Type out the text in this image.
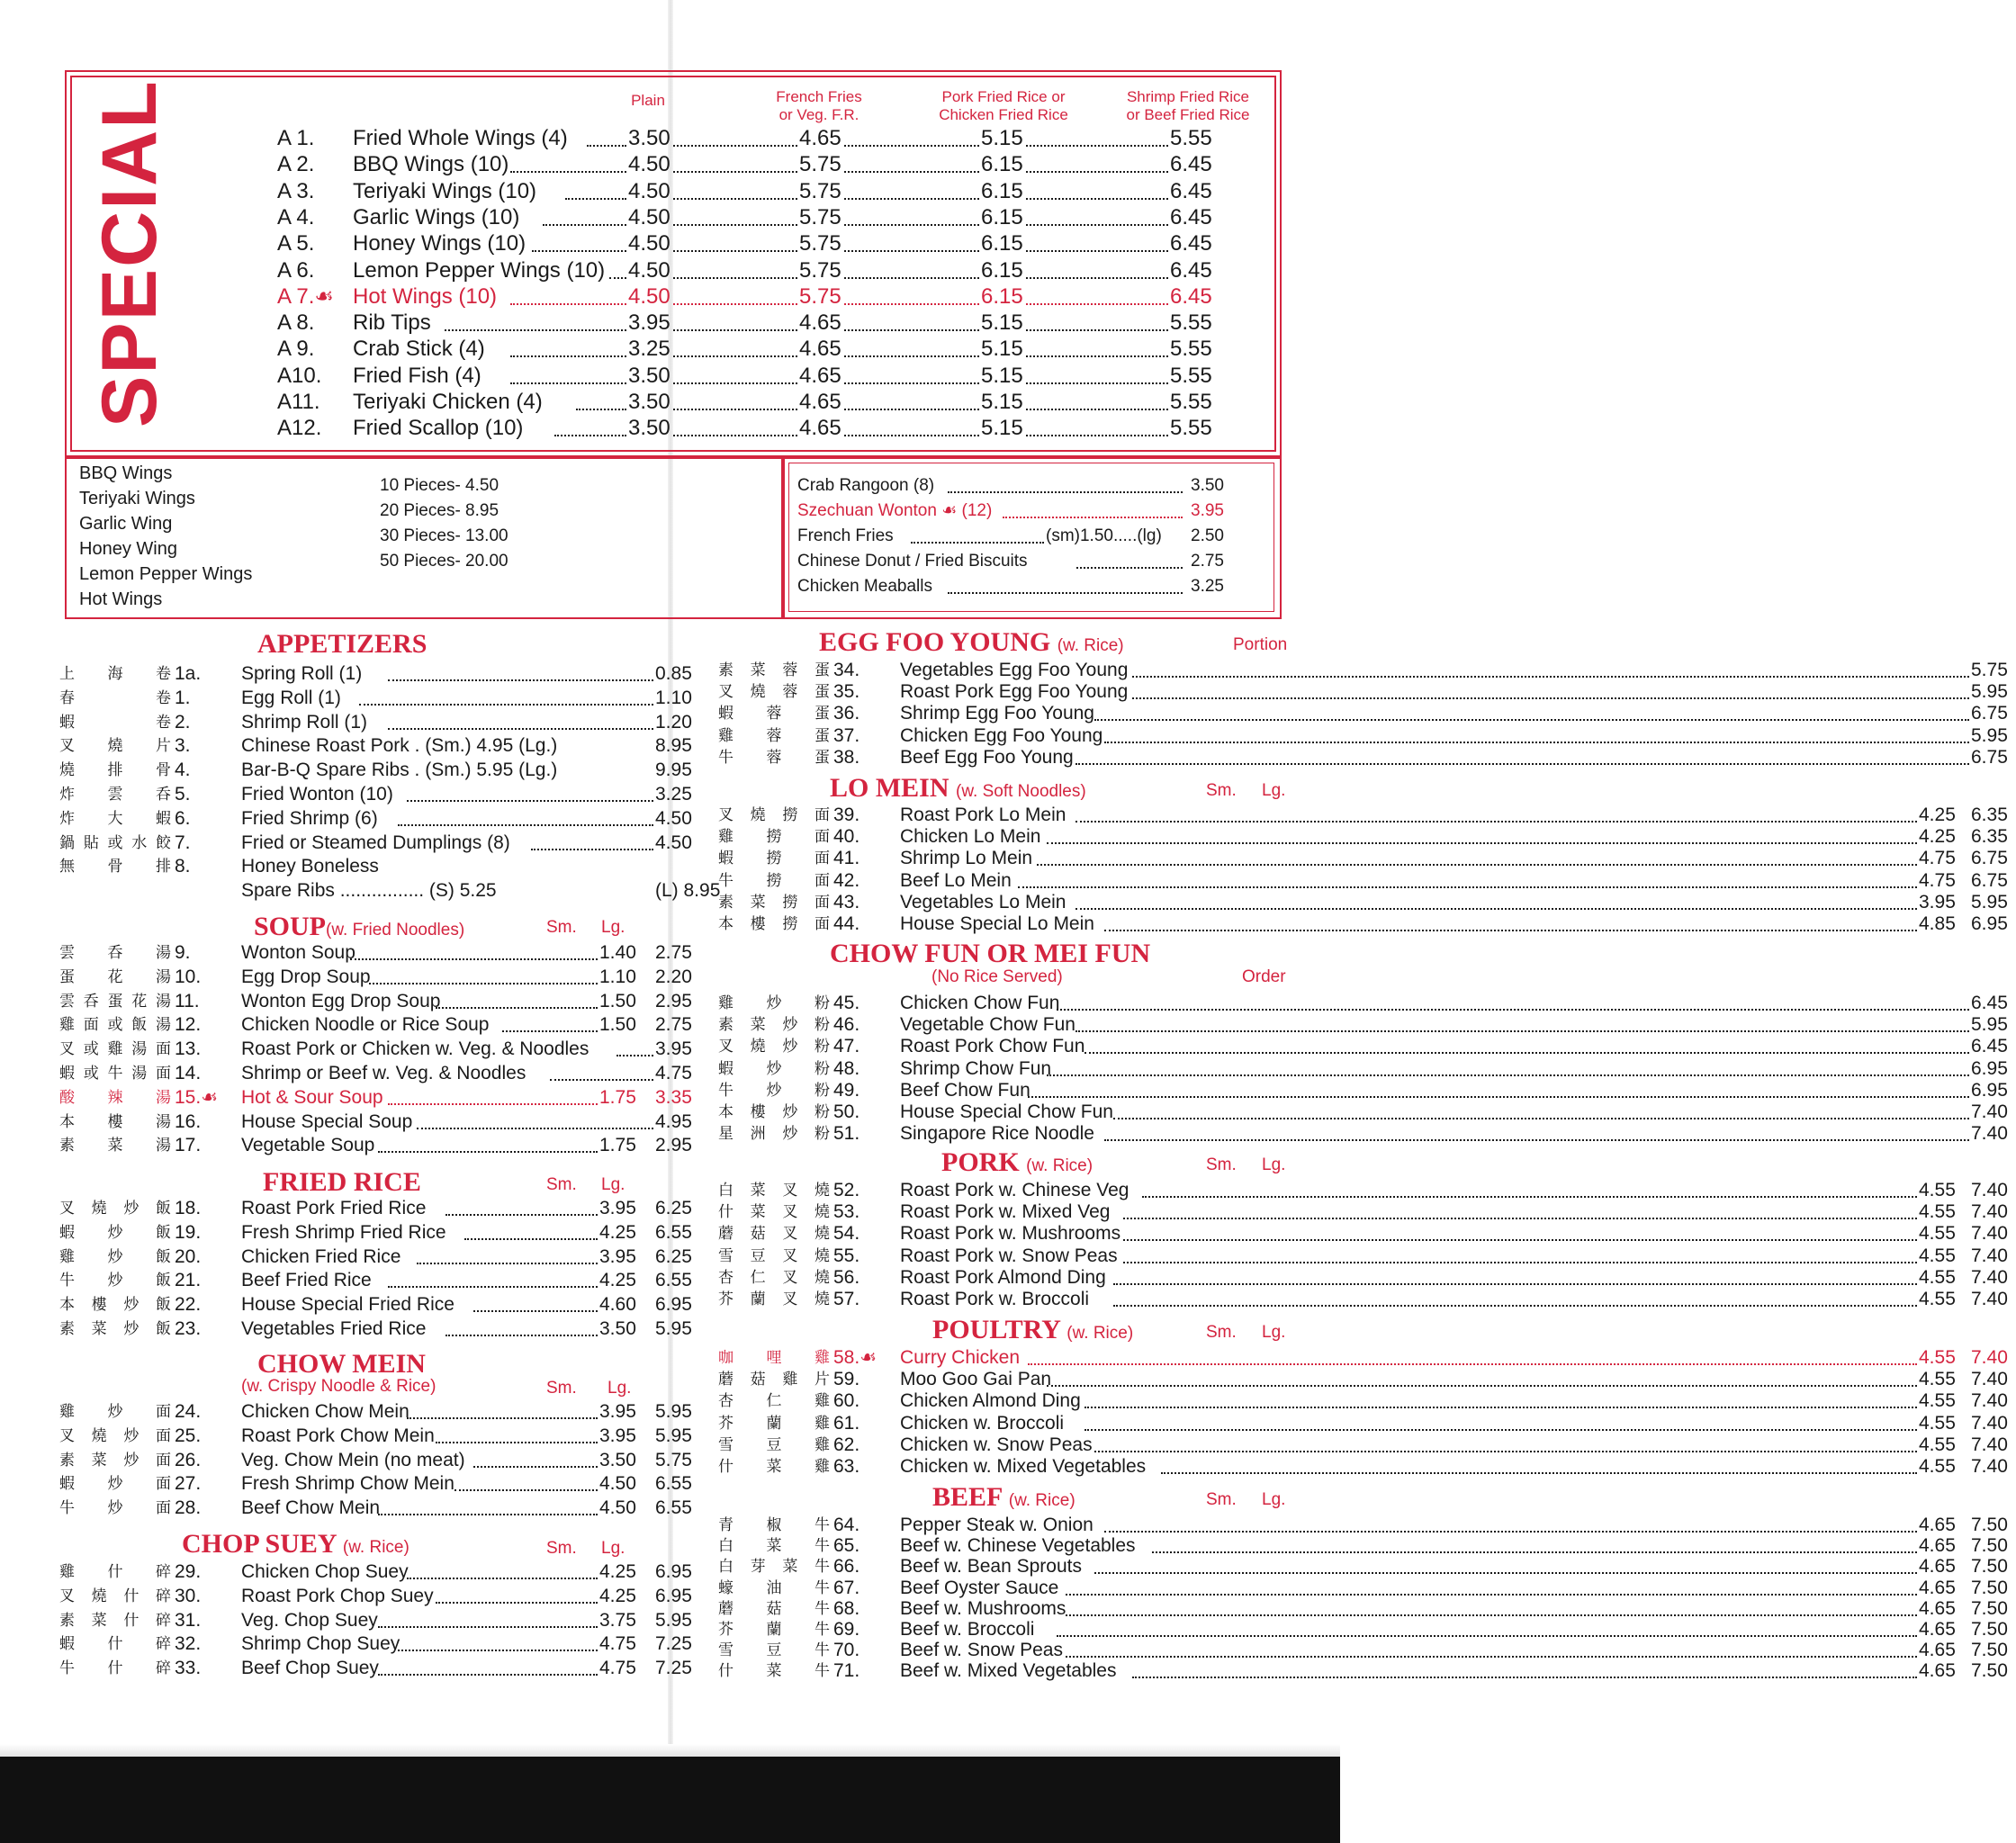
SPECIAL	Plain	French Fries
or Veg. F.R.
Pork Fried Rice or
Chicken Fried Rice
Shrimp Fried Rice
or Beef Fried Rice
A 1.	Fried Whole Wings (4)	3.50	4.65	5.15	5.55
A 2.	BBQ Wings (10)	4.50	5.75	6.15	6.45
A 3.	Teriyaki Wings (10)	4.50	5.75	6.15	6.45
A 4.	Garlic Wings (10)	4.50	5.75	6.15	6.45
A 5.	Honey Wings (10)	4.50	5.75	6.15	6.45
A 6.	Lemon Pepper Wings (10) 4.50	5.75	6.15	6.45
A 7.☙ Hot Wings (10)	4.50	5.75	6.15	6.45
A 8.	Rib Tips	3.95	4.65	5.15	5.55
A 9.	Crab Stick (4)	3.25	4.65	5.15	5.55
A10.	Fried Fish (4)	3.50	4.65	5.15	5.55
A11.	Teriyaki Chicken (4)	3.50	4.65	5.15	5.55
A12.	Fried Scallop (10)	3.50	4.65	5.15	5.55
BBQ Wings
Teriyaki Wings
Garlic Wing
Honey Wing
Lemon Pepper Wings
Hot Wings
10 Pieces- 4.50
20 Pieces- 8.95
30 Pieces- 13.00
50 Pieces- 20.00
Crab Rangoon (8)	3.50
Szechuan Wonton ☙ (12)	3.95
French Fries	(sm)1.50.....(lg) 2.50
Chinese Donut / Fried Biscuits	2.75
Chicken Meaballs	3.25
APPETIZERS
SOUP(w. Fried Noodles)	Sm. Lg.
FRIED RICE	Sm. Lg.
CHOW MEIN
(w. Crispy Noodle & Rice)	Sm. Lg.
CHOP SUEY (w. Rice)	Sm. Lg.
EGG FOO YOUNG (w. Rice)	Portion
LO MEIN (w. Soft Noodles)	Sm. Lg.
CHOW FUN OR MEI FUN
(No Rice Served)	Order
PORK (w. Rice)	Sm. Lg.
POULTRY (w. Rice)	Sm. Lg.
BEEF (w. Rice)	Sm. Lg.
上 海 卷 1a.	Spring Roll (1)	0.85
春	卷 1.	Egg Roll (1)	1.10
蝦	卷 2.	Shrimp Roll (1)	1.20
叉 燒 片 3.	Chinese Roast Pork . (Sm.) 4.95 (Lg.)	8.95
燒 排 骨 4.	Bar-B-Q Spare Ribs . (Sm.) 5.95 (Lg.)	9.95
炸 雲 呑 5.	Fried Wonton (10)	3.25
炸 大 蝦 6.	Fried Shrimp (6)	4.50
鍋 貼 或 水 餃 7.	Fried or Steamed Dumplings (8)	4.50
無 骨 排 8.	Honey Boneless
Spare Ribs ................ (S) 5.25	(L) 8.95
雲 呑 湯 9.	Wonton Soup	1.40 2.75
蛋 花 湯 10.	Egg Drop Soup	1.10 2.20
雲 呑 蛋 花 湯 11.	Wonton Egg Drop Soup	1.50 2.95
雞 面 或 飯 湯 12.	Chicken Noodle or Rice Soup	1.50 2.75
叉 或 雞 湯 面 13.	Roast Pork or Chicken w. Veg. & Noodles	3.95
蝦 或 牛 湯 面 14.	Shrimp or Beef w. Veg. & Noodles	4.75
酸 辣 湯 15.☙	Hot & Sour Soup	1.75 3.35
本 樓 湯 16.	House Special Soup	4.95
素 菜 湯 17.	Vegetable Soup	1.75 2.95
叉 燒 炒 飯 18.	Roast Pork Fried Rice	3.95 6.25
蝦 炒 飯 19.	Fresh Shrimp Fried Rice	4.25 6.55
雞 炒 飯 20.	Chicken Fried Rice	3.95 6.25
牛 炒 飯 21.	Beef Fried Rice	4.25 6.55
本 樓 炒 飯 22.	House Special Fried Rice	4.60 6.95
素 菜 炒 飯 23.	Vegetables Fried Rice	3.50 5.95
雞 炒 面 24.	Chicken Chow Mein	3.95 5.95
叉 燒 炒 面 25.	Roast Pork Chow Mein	3.95 5.95
素 菜 炒 面 26.	Veg. Chow Mein (no meat)	3.50 5.75
蝦 炒 面 27.	Fresh Shrimp Chow Mein	4.50 6.55
牛 炒 面 28.	Beef Chow Mein	4.50 6.55
雞 什 碎 29.	Chicken Chop Suey	4.25 6.95
叉 燒 什 碎 30.	Roast Pork Chop Suey	4.25 6.95
素 菜 什 碎 31.	Veg. Chop Suey	3.75 5.95
蝦 什 碎 32.	Shrimp Chop Suey	4.75 7.25
牛 什 碎 33.	Beef Chop Suey	4.75 7.25
素 菜 蓉 蛋 34.	Vegetables Egg Foo Young	5.75
叉 燒 蓉 蛋 35.	Roast Pork Egg Foo Young	5.95
蝦 蓉 蛋 36.	Shrimp Egg Foo Young	6.75
雞 蓉 蛋 37.	Chicken Egg Foo Young	5.95
牛 蓉 蛋 38.	Beef Egg Foo Young	6.75
叉 燒 撈 面 39.	Roast Pork Lo Mein	4.25 6.35
雞 撈 面 40.	Chicken Lo Mein	4.25 6.35
蝦 撈 面 41.	Shrimp Lo Mein	4.75 6.75
牛 撈 面 42.	Beef Lo Mein	4.75 6.75
素 菜 撈 面 43.	Vegetables Lo Mein	3.95 5.95
本 樓 撈 面 44.	House Special Lo Mein	4.85 6.95
雞 炒 粉 45.	Chicken Chow Fun	6.45
素 菜 炒 粉 46.	Vegetable Chow Fun	5.95
叉 燒 炒 粉 47.	Roast Pork Chow Fun	6.45
蝦 炒 粉 48.	Shrimp Chow Fun	6.95
牛 炒 粉 49.	Beef Chow Fun	6.95
本 樓 炒 粉 50.	House Special Chow Fun	7.40
星 洲 炒 粉 51.	Singapore Rice Noodle	7.40
白 菜 叉 燒 52.	Roast Pork w. Chinese Veg	4.55 7.40
什 菜 叉 燒 53.	Roast Pork w. Mixed Veg	4.55 7.40
蘑 菇 叉 燒 54.	Roast Pork w. Mushrooms	4.55 7.40
雪 豆 叉 燒 55.	Roast Pork w. Snow Peas	4.55 7.40
杏 仁 叉 燒 56.	Roast Pork Almond Ding	4.55 7.40
芥 蘭 叉 燒 57.	Roast Pork w. Broccoli	4.55 7.40
咖 哩 雞 58.☙	Curry Chicken	4.55 7.40
蘑 菇 雞 片 59.	Moo Goo Gai Pan	4.55 7.40
杏 仁 雞 60.	Chicken Almond Ding	4.55 7.40
芥 蘭 雞 61.	Chicken w. Broccoli	4.55 7.40
雪 豆 雞 62.	Chicken w. Snow Peas	4.55 7.40
什 菜 雞 63.	Chicken w. Mixed Vegetables	4.55 7.40
青 椒 牛 64.	Pepper Steak w. Onion	4.65 7.50
白 菜 牛 65.	Beef w. Chinese Vegetables	4.65 7.50
白 芽 菜 牛 66.	Beef w. Bean Sprouts	4.65 7.50
蠔 油 牛 67.	Beef Oyster Sauce	4.65 7.50
蘑 菇 牛 68.	Beef w. Mushrooms	4.65 7.50
芥 蘭 牛 69.	Beef w. Broccoli	4.65 7.50
雪 豆 牛 70.	Beef w. Snow Peas	4.65 7.50
什 菜 牛 71.	Beef w. Mixed Vegetables	4.65 7.50
